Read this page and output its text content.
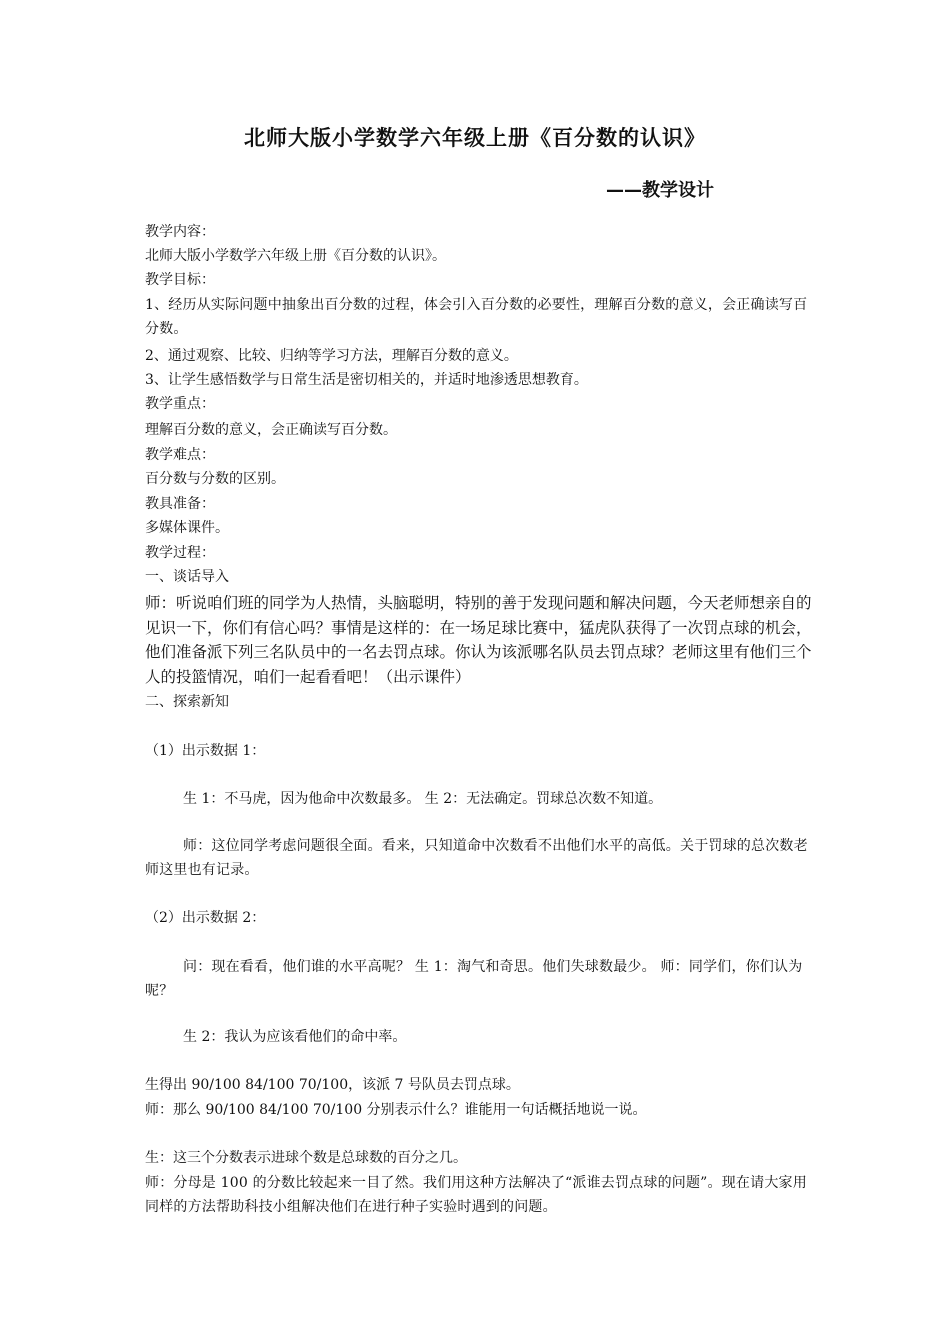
北师大版小学数学六年级上册《百分数的认识》
——教学设计
教学内容：
北师大版小学数学六年级上册《百分数的认识》。
教学目标：
1、经历从实际问题中抽象出百分数的过程，体会引入百分数的必要性，理解百分数的意义，会正确读写百分数。
2、通过观察、比较、归纳等学习方法，理解百分数的意义。
3、让学生感悟数学与日常生活是密切相关的，并适时地渗透思想教育。
教学重点：
理解百分数的意义，会正确读写百分数。
教学难点：
百分数与分数的区别。
教具准备：
多媒体课件。
教学过程：
一、谈话导入
师：听说咱们班的同学为人热情，头脑聪明，特别的善于发现问题和解决问题，今天老师想亲自的见识一下，你们有信心吗？事情是这样的：在一场足球比赛中，猛虎队获得了一次罚点球的机会，他们准备派下列三名队员中的一名去罚点球。你认为该派哪名队员去罚点球？老师这里有他们三个人的投篮情况，咱们一起看看吧！（出示课件）
二、探索新知
（1）出示数据 1：
生 1：不马虎，因为他命中次数最多。 生 2：无法确定。罚球总次数不知道。
师：这位同学考虑问题很全面。看来，只知道命中次数看不出他们水平的高低。关于罚球的总次数老师这里也有记录。
（2）出示数据 2：
问：现在看看，他们谁的水平高呢？ 生 1：淘气和奇思。他们失球数最少。 师：同学们，你们认为呢？
生 2：我认为应该看他们的命中率。
生得出 90/100 84/100 70/100，该派 7 号队员去罚点球。
师：那么 90/100 84/100 70/100 分别表示什么？谁能用一句话概括地说一说。
生：这三个分数表示进球个数是总球数的百分之几。
师：分母是 100 的分数比较起来一目了然。我们用这种方法解决了“派谁去罚点球的问题”。现在请大家用同样的方法帮助科技小组解决他们在进行种子实验时遇到的问题。
